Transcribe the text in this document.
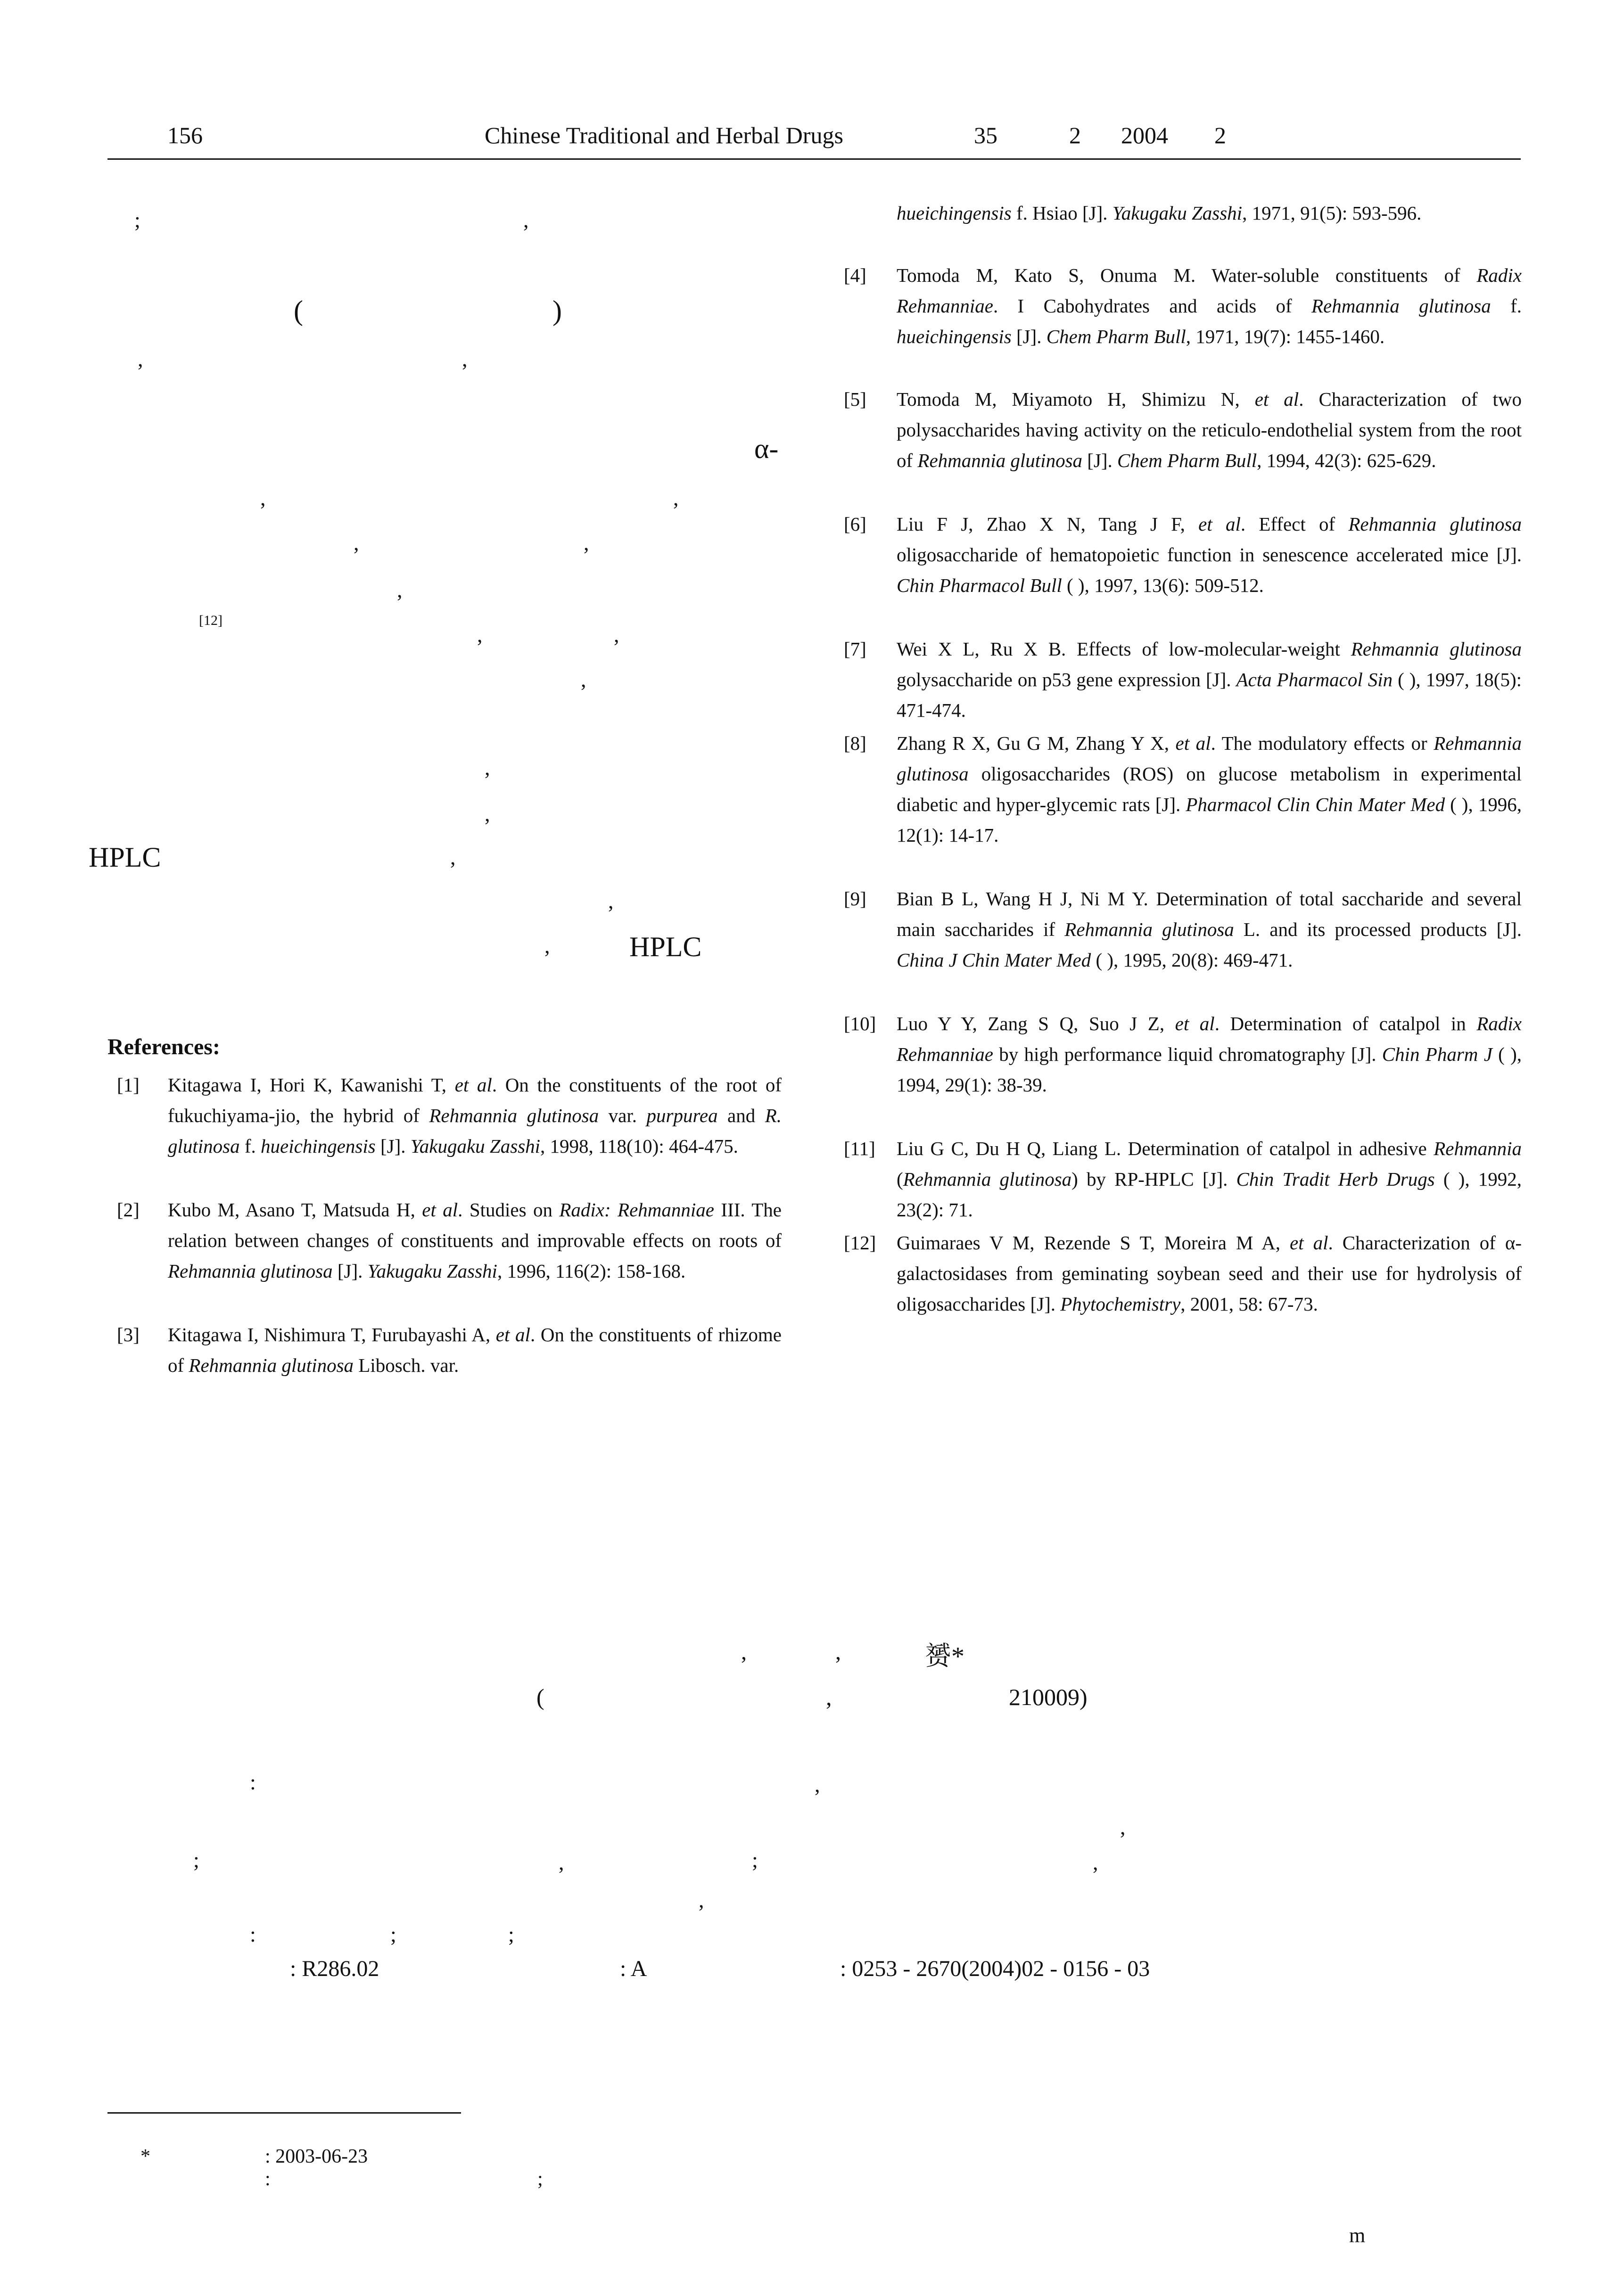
156	Chinese Traditional and Herbal Drugs	35	2 2004 2
;	,
(	)
,	,
α-
,	,
,	,
,
[12]
,	,
,
,
,
HPLC	,
,
,	HPLC
References:
[1] Kitagawa I, Hori K, Kawanishi T, et al. On the constituents of the root of fukuchiyama-jio, the hybrid of Rehmannia glutinosa var. purpurea and R. glutinosa f. hueichingensis [J]. Yakugaku Zasshi, 1998, 118(10): 464-475.
[2] Kubo M, Asano T, Matsuda H, et al. Studies on Radix: Rehmanniae III. The relation between changes of constituents and improvable effects on roots of Rehmannia glutinosa [J]. Yakugaku Zasshi, 1996, 116(2): 158-168.
[3] Kitagawa I, Nishimura T, Furubayashi A, et al. On the constituents of rhizome of Rehmannia glutinosa Libosch. var.
hueichingensis f. Hsiao [J]. Yakugaku Zasshi, 1971, 91(5): 593-596.
[4] Tomoda M, Kato S, Onuma M. Water-soluble constituents of Radix Rehmanniae. I Cabohydrates and acids of Rehmannia glutinosa f. hueichingensis [J]. Chem Pharm Bull, 1971, 19(7): 1455-1460.
[5] Tomoda M, Miyamoto H, Shimizu N, et al. Characterization of two polysaccharides having activity on the reticulo-endothelial system from the root of Rehmannia glutinosa [J]. Chem Pharm Bull, 1994, 42(3): 625-629.
[6] Liu F J, Zhao X N, Tang J F, et al. Effect of Rehmannia glutinosa oligosaccharide of hematopoietic function in senescence accelerated mice [J]. Chin Pharmacol Bull ( ), 1997, 13(6): 509-512.
[7] Wei X L, Ru X B. Effects of low-molecular-weight Rehmannia glutinosa golysaccharide on p53 gene expression [J]. Acta Pharmacol Sin ( ), 1997, 18(5): 471-474.
[8] Zhang R X, Gu G M, Zhang Y X, et al. The modulatory effects or Rehmannia glutinosa oligosaccharides (ROS) on glucose metabolism in experimental diabetic and hyper-glycemic rats [J]. Pharmacol Clin Chin Mater Med ( ), 1996, 12(1): 14-17.
[9] Bian B L, Wang H J, Ni M Y. Determination of total saccharide and several main saccharides if Rehmannia glutinosa L. and its processed products [J]. China J Chin Mater Med ( ), 1995, 20(8): 469-471.
[10] Luo Y Y, Zang S Q, Suo J Z, et al. Determination of catalpol in Radix Rehmanniae by high performance liquid chromatography [J]. Chin Pharm J ( ), 1994, 29(1): 38-39.
[11] Liu G C, Du H Q, Liang L. Determination of catalpol in adhesive Rehmannia (Rehmannia glutinosa) by RP-HPLC [J]. Chin Tradit Herb Drugs ( ), 1992, 23(2): 71.
[12] Guimaraes V M, Rezende S T, Moreira M A, et al. Characterization of α-galactosidases from geminating soybean seed and their use for hydrolysis of oligosaccharides [J]. Phytochemistry, 2001, 58: 67-73.
,	,	赟*
(	,	210009)
:	,
,
;	,	;	,
,
:	;	;
: R286.02	: A	: 0253 - 2670(2004)02 - 0156 - 03
*	: 2003-06-23
:	;
m
